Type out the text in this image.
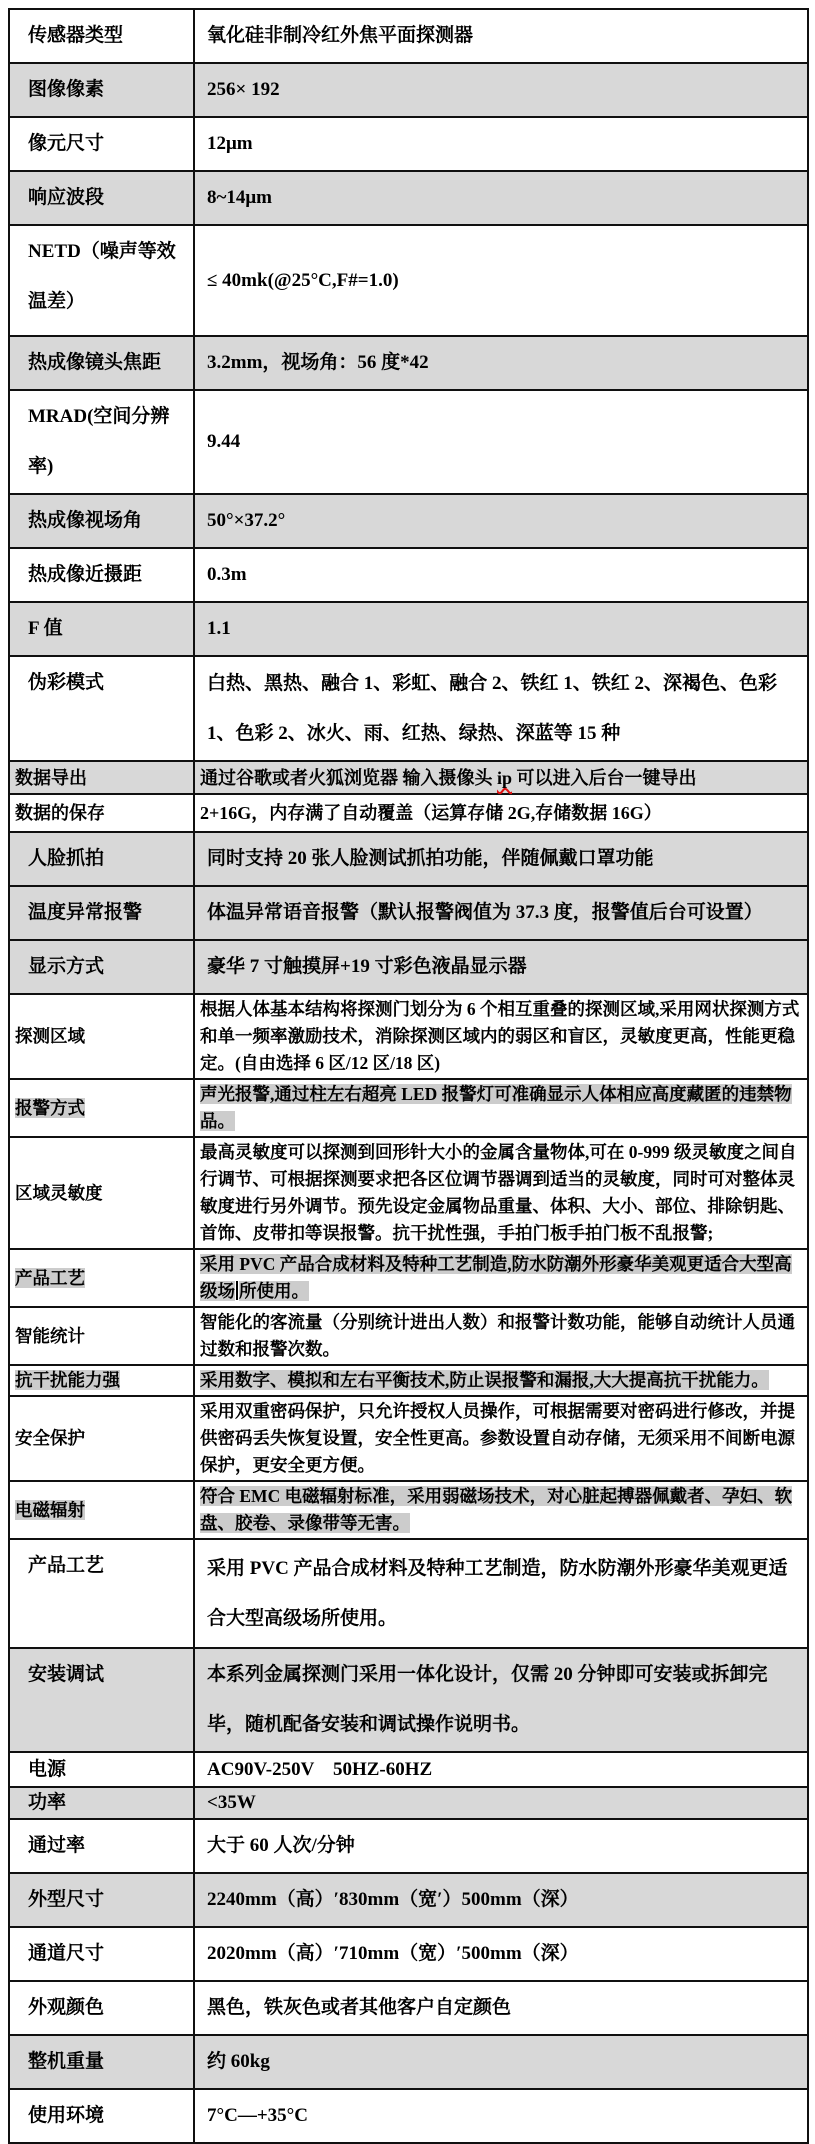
传感器类型	氧化硅非制冷红外焦平面探测器
图像像素	256× 192
像元尺寸	12μm
响应波段	8~14μm
NETD（噪声等效温差）	≤ 40mk(@25°C,F#=1.0)
热成像镜头焦距	3.2mm，视场角：56 度*42
MRAD(空间分辨率)	9.44
热成像视场角	50°×37.2°
热成像近摄距	0.3m
F 值	1.1
伪彩模式	白热、黑热、融合 1、彩虹、融合 2、铁红 1、铁红 2、深褐色、色彩 1、色彩 2、冰火、雨、红热、绿热、深蓝等 15 种
数据导出	通过谷歌或者火狐浏览器 输入摄像头 ip 可以进入后台一键导出
数据的保存	2+16G，内存满了自动覆盖（运算存储 2G,存储数据 16G）
人脸抓拍	同时支持 20 张人脸测试抓拍功能，伴随佩戴口罩功能
温度异常报警	体温异常语音报警（默认报警阀值为 37.3 度，报警值后台可设置）
显示方式	豪华 7 寸触摸屏+19 寸彩色液晶显示器
探测区域	根据人体基本结构将探测门划分为 6 个相互重叠的探测区域,采用网状探测方式和单一频率激励技术，消除探测区域内的弱区和盲区，灵敏度更高，性能更稳定。(自由选择 6 区/12 区/18 区)
报警方式	声光报警,通过柱左右超亮 LED 报警灯可准确显示人体相应高度藏匿的违禁物品。
区域灵敏度	最高灵敏度可以探测到回形针大小的金属含量物体,可在 0-999 级灵敏度之间自行调节、可根据探测要求把各区位调节器调到适当的灵敏度，同时可对整体灵敏度进行另外调节。预先设定金属物品重量、体积、大小、部位、排除钥匙、首饰、皮带扣等误报警。抗干扰性强，手拍门板手拍门板不乱报警;
产品工艺	采用 PVC 产品合成材料及特种工艺制造,防水防潮外形豪华美观更适合大型高级场 所使用。
智能统计	智能化的客流量（分别统计进出人数）和报警计数功能，能够自动统计人员通过数和报警次数。
抗干扰能力强	采用数字、模拟和左右平衡技术,防止误报警和漏报,大大提高抗干扰能力。
安全保护	采用双重密码保护，只允许授权人员操作，可根据需要对密码进行修改，并提供密码丢失恢复设置，安全性更高。参数设置自动存储，无须采用不间断电源保护，更安全更方便。
电磁辐射	符合 EMC 电磁辐射标准，采用弱磁场技术，对心脏起搏器佩戴者、孕妇、软盘、胶卷、录像带等无害。
产品工艺	采用 PVC 产品合成材料及特种工艺制造，防水防潮外形豪华美观更适合大型高级场所使用。
安装调试	本系列金属探测门采用一体化设计，仅需 20 分钟即可安装或拆卸完毕，随机配备安装和调试操作说明书。
电源	AC90V-250V    50HZ-60HZ
功率	<35W
通过率	大于 60 人次/分钟
外型尺寸	2240mm（高）′830mm（宽′）500mm（深）
通道尺寸	2020mm（高）′710mm（宽）′500mm（深）
外观颜色	黑色，铁灰色或者其他客户自定颜色
整机重量	约 60kg
使用环境	7°C—+35°C
